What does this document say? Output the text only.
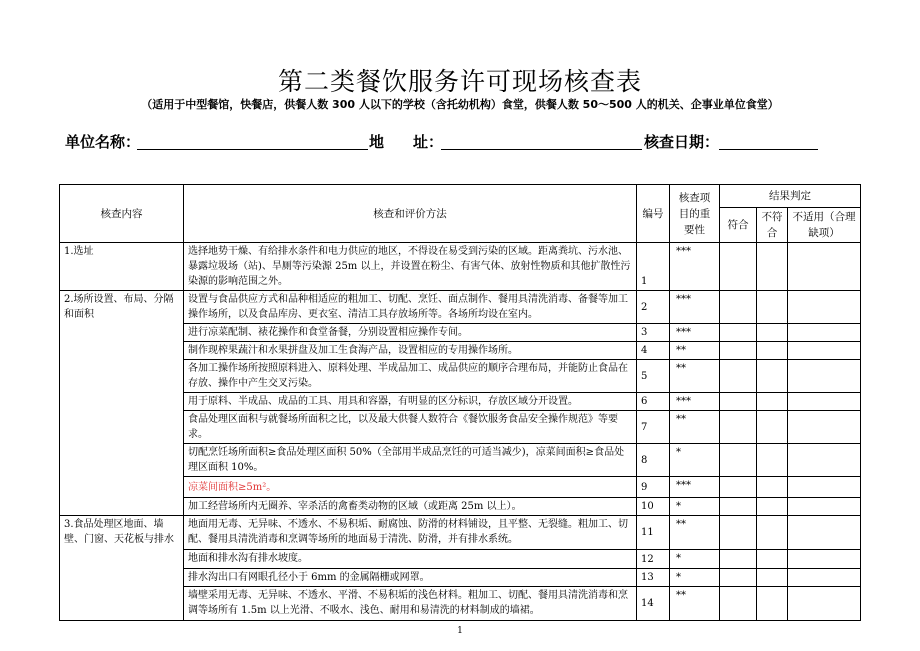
第二类餐饮服务许可现场核查表
（适用于中型餐馆，快餐店，供餐人数 300 人以下的学校（含托幼机构）食堂，供餐人数 50～500 人的机关、企事业单位食堂）
单位名称：	地 址：	核查日期：
核查内容	核查和评价方法	编号	核查项目的重要性	结果判定		
				符合	不符合	不适用（合理缺项）
1.选址	选择地势干燥、有给排水条件和电力供应的地区，不得设在易受到污染的区域。距离粪坑、污水池、暴露垃圾场（站)、旱厕等污染源 25m 以上，并设置在粉尘、有害气体、放射性物质和其他扩散性污染源的影响范围之外。	1	***			
2.场所设置、布局、分隔和面积	设置与食品供应方式和品种相适应的粗加工、切配、烹饪、面点制作、餐用具清洗消毒、备餐等加工操作场所，以及食品库房、更衣室、清洁工具存放场所等。各场所均设在室内。	2	***			
	进行凉菜配制、裱花操作和食堂备餐，分别设置相应操作专间。	3	***			
	制作现榨果蔬汁和水果拼盘及加工生食海产品，设置相应的专用操作场所。	4	**			
	各加工操作场所按照原料进入、原料处理、半成品加工、成品供应的顺序合理布局，并能防止食品在存放、操作中产生交叉污染。	5	**			
	用于原料、半成品、成品的工具、用具和容器，有明显的区分标识，存放区域分开设置。	6	***			
	食品处理区面积与就餐场所面积之比，以及最大供餐人数符合《餐饮服务食品安全操作规范》等要求。	7	**			
	切配烹饪场所面积≥食品处理区面积 50%（全部用半成品烹饪的可适当减少)，凉菜间面积≥食品处理区面积 10%。	8	*			
	凉菜间面积≥5m²。	9	***			
	加工经营场所内无圈养、宰杀活的禽畜类动物的区域（或距离 25m 以上）。	10	*			
3.食品处理区地面、墙壁、门窗、天花板与排水	地面用无毒、无异味、不透水、不易积垢、耐腐蚀、防滑的材料铺设，且平整、无裂缝。粗加工、切配、餐用具清洗消毒和烹调等场所的地面易于清洗、防滑，并有排水系统。	11	**			
	地面和排水沟有排水坡度。	12	*			
	排水沟出口有网眼孔径小于 6mm 的金属隔栅或网罩。	13	*			
	墙壁采用无毒、无异味、不透水、平滑、不易积垢的浅色材料。粗加工、切配、餐用具清洗消毒和烹调等场所有 1.5m 以上光滑、不吸水、浅色、耐用和易清洗的材料制成的墙裙。	14	**			
1
